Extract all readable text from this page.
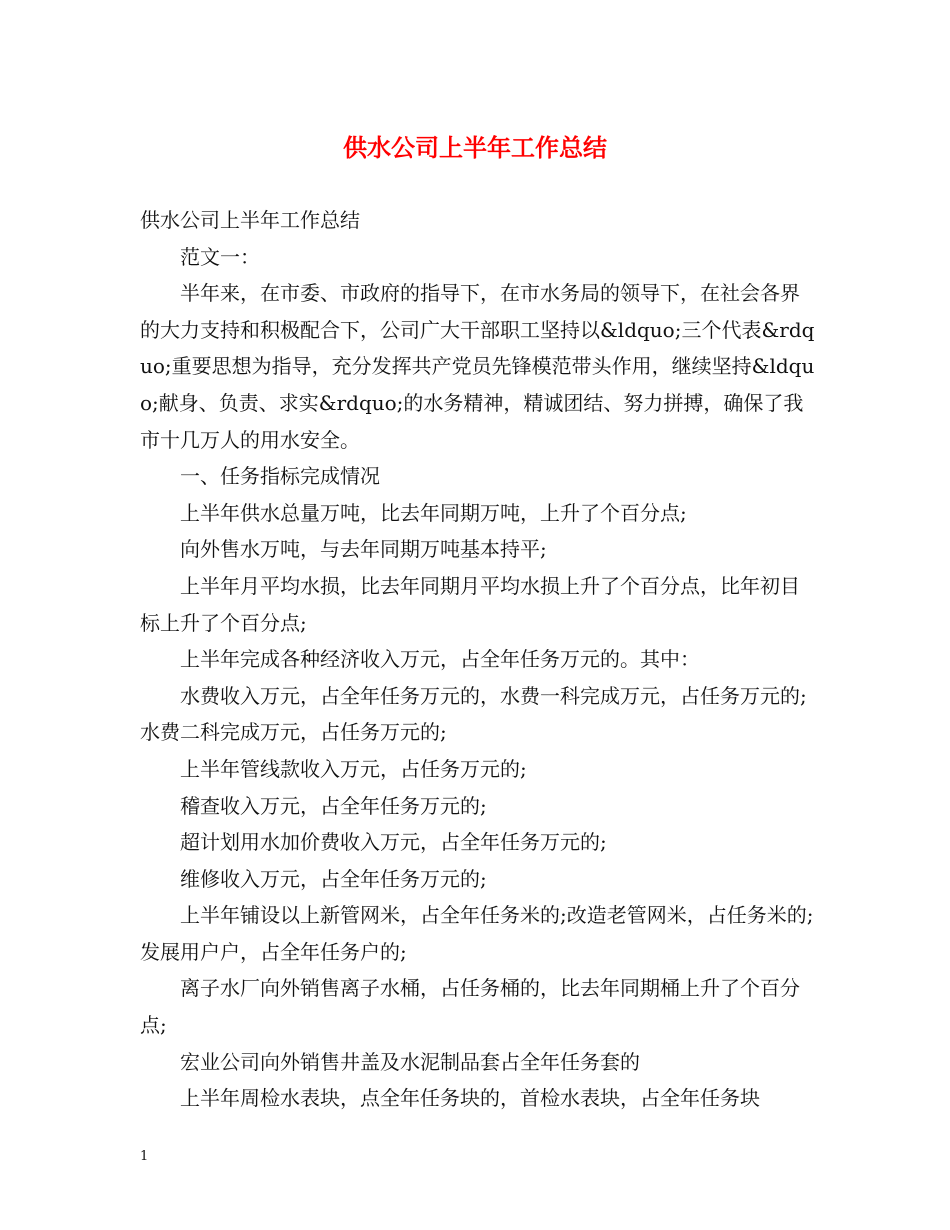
供水公司上半年工作总结

供水公司上半年工作总结

范文一：

半年来，在市委、市政府的指导下，在市水务局的领导下，在社会各界的大力支持和积极配合下，公司广大干部职工坚持以&ldquo;三个代表&rdquo;重要思想为指导，充分发挥共产党员先锋模范带头作用，继续坚持&ldquo;献身、负责、求实&rdquo;的水务精神，精诚团结、努力拼搏，确保了我市十几万人的用水安全。

一、任务指标完成情况

上半年供水总量万吨，比去年同期万吨，上升了个百分点;

向外售水万吨，与去年同期万吨基本持平;

上半年月平均水损，比去年同期月平均水损上升了个百分点，比年初目标上升了个百分点;

上半年完成各种经济收入万元，占全年任务万元的。其中：

水费收入万元，占全年任务万元的，水费一科完成万元，占任务万元的;水费二科完成万元，占任务万元的;

上半年管线款收入万元，占任务万元的;

稽查收入万元，占全年任务万元的;

超计划用水加价费收入万元，占全年任务万元的;

维修收入万元，占全年任务万元的;

上半年铺设以上新管网米，占全年任务米的;改造老管网米，占任务米的;发展用户户，占全年任务户的;

离子水厂向外销售离子水桶，占任务桶的，比去年同期桶上升了个百分点;

宏业公司向外销售井盖及水泥制品套占全年任务套的

上半年周检水表块，点全年任务块的，首检水表块，占全年任务块

1
